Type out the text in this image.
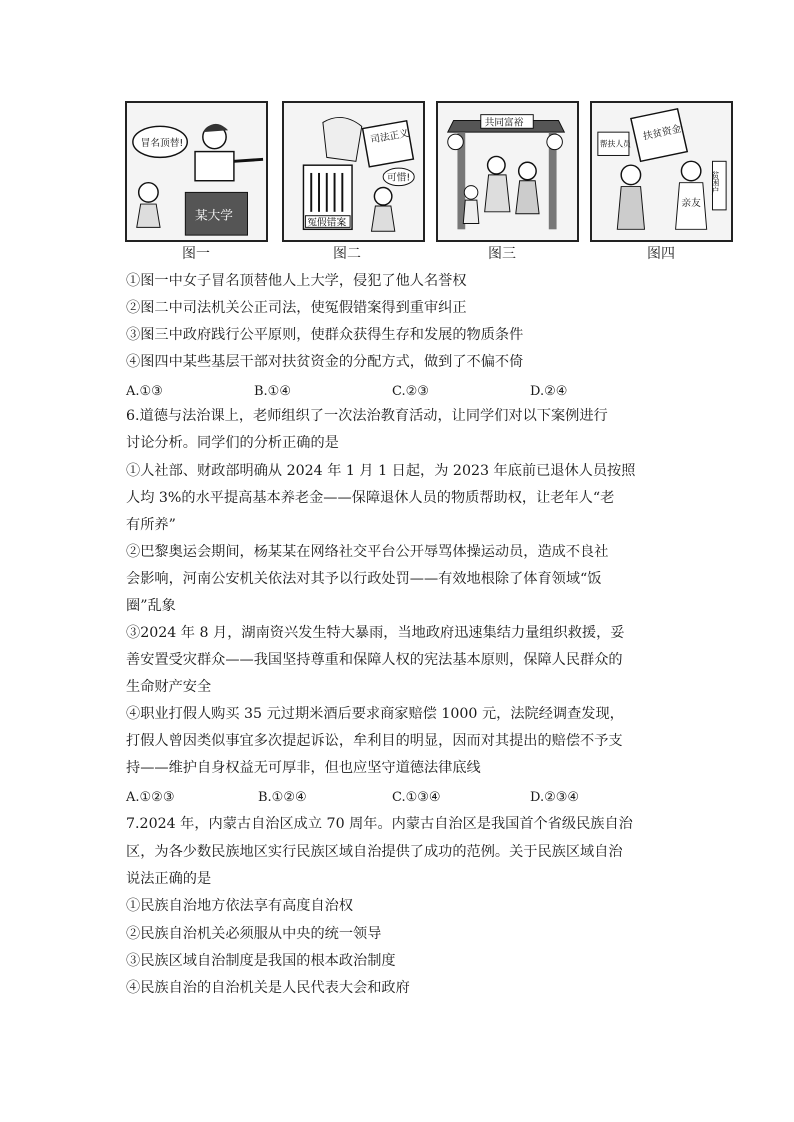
冒名顶替!
某大学
图一
司法正义
冤假错案
可惜!
图二
共同富裕
图三
扶贫资金
帮扶人员
亲友
贫困户
图四
①图一中女子冒名顶替他人上大学，侵犯了他人名誉权
②图二中司法机关公正司法，使冤假错案得到重审纠正
③图三中政府践行公平原则，使群众获得生存和发展的物质条件
④图四中某些基层干部对扶贫资金的分配方式，做到了不偏不倚
A.①③	B.①④	C.②③	D.②④
6.道德与法治课上，老师组织了一次法治教育活动，让同学们对以下案例进行
讨论分析。同学们的分析正确的是
①人社部、财政部明确从 2024 年 1 月 1 日起，为 2023 年底前已退休人员按照
人均 3%的水平提高基本养老金——保障退休人员的物质帮助权，让老年人“老
有所养”
②巴黎奥运会期间，杨某某在网络社交平台公开辱骂体操运动员，造成不良社
会影响，河南公安机关依法对其予以行政处罚——有效地根除了体育领域“饭
圈”乱象
③2024 年 8 月，湖南资兴发生特大暴雨，当地政府迅速集结力量组织救援，妥
善安置受灾群众——我国坚持尊重和保障人权的宪法基本原则，保障人民群众的
生命财产安全
④职业打假人购买 35 元过期米酒后要求商家赔偿 1000 元，法院经调查发现，
打假人曾因类似事宜多次提起诉讼，牟利目的明显，因而对其提出的赔偿不予支
持——维护自身权益无可厚非，但也应坚守道德法律底线
A.①②③	B.①②④	C.①③④	D.②③④
7.2024 年，内蒙古自治区成立 70 周年。内蒙古自治区是我国首个省级民族自治
区，为各少数民族地区实行民族区域自治提供了成功的范例。关于民族区域自治
说法正确的是
①民族自治地方依法享有高度自治权
②民族自治机关必须服从中央的统一领导
③民族区域自治制度是我国的根本政治制度
④民族自治的自治机关是人民代表大会和政府
